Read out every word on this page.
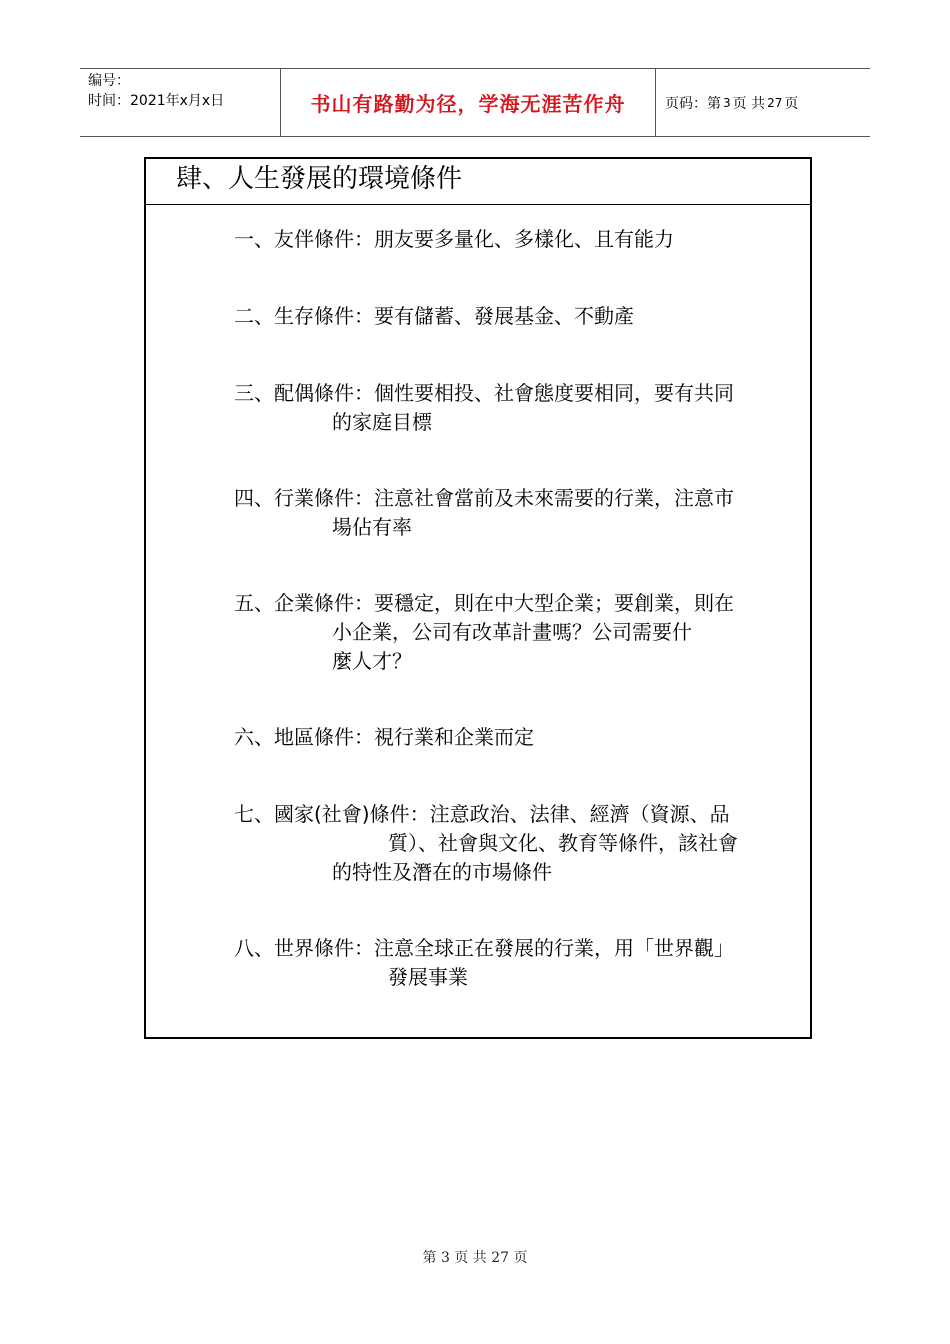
编号：
时间：2021年x月x日	书山有路勤为径，学海无涯苦作舟	页码：第 3 页 共 27 页
肆、人生發展的環境條件
一、友伴條件：朋友要多量化、多樣化、且有能力
二、生存條件：要有儲蓄、發展基金、不動產
三、配偶條件：個性要相投、社會態度要相同，要有共同
的家庭目標
四、行業條件：注意社會當前及未來需要的行業，注意市
場佔有率
五、企業條件：要穩定，則在中大型企業；要創業，則在
小企業，公司有改革計畫嗎？公司需要什
麼人才？
六、地區條件：視行業和企業而定
七、國家(社會)條件：注意政治、法律、經濟（資源、品
質）、社會與文化、教育等條件，該社會
的特性及潛在的市場條件
八、世界條件：注意全球正在發展的行業，用「世界觀」
發展事業
第 3 页 共 27 页
